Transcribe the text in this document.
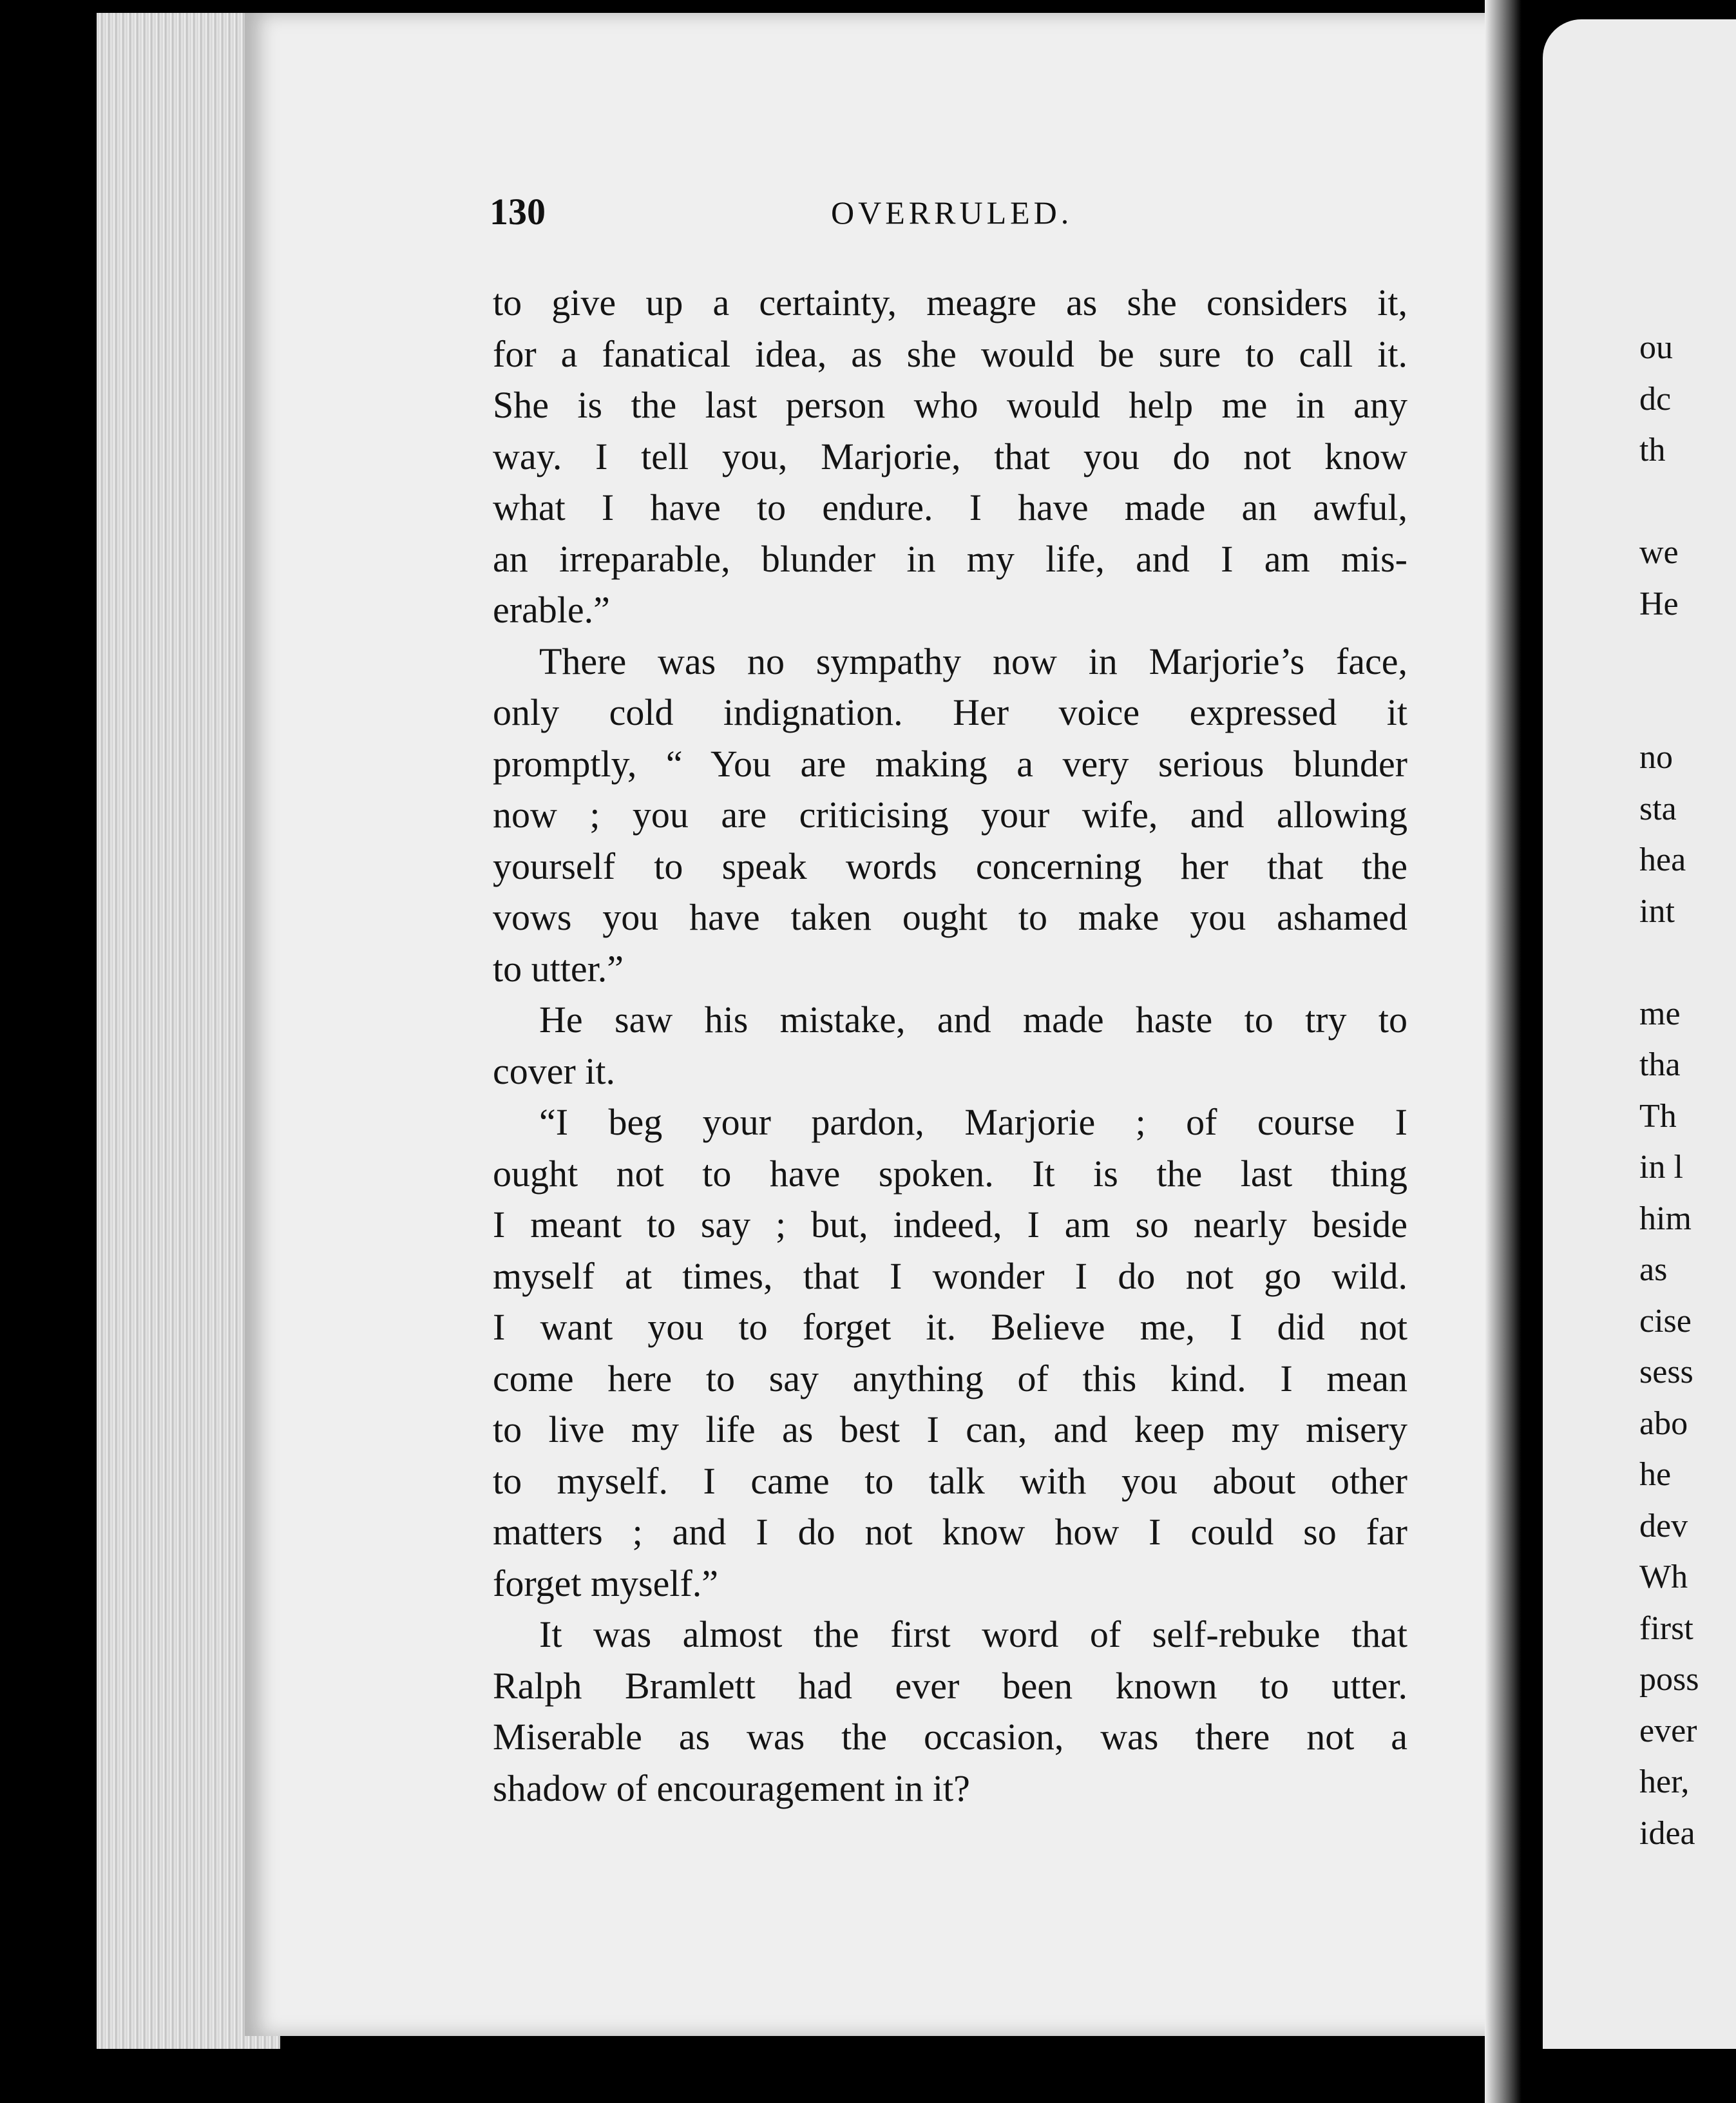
130	OVERRULED.
to give up a certainty, meagre as she considers it,
for a fanatical idea, as she would be sure to call it.
She is the last person who would help me in any
way. I tell you, Marjorie, that you do not know
what I have to endure. I have made an awful,
an irreparable, blunder in my life, and I am mis-
erable.”
There was no sympathy now in Marjorie’s face,
only cold indignation. Her voice expressed it
promptly, “ You are making a very serious blunder
now ; you are criticising your wife, and allowing
yourself to speak words concerning her that the
vows you have taken ought to make you ashamed
to utter.”
He saw his mistake, and made haste to try to
cover it.
“I beg your pardon, Marjorie ; of course I
ought not to have spoken. It is the last thing
I meant to say ; but, indeed, I am so nearly beside
myself at times, that I wonder I do not go wild.
I want you to forget it. Believe me, I did not
come here to say anything of this kind. I mean
to live my life as best I can, and keep my misery
to myself. I came to talk with you about other
matters ; and I do not know how I could so far
forget myself.”
It was almost the first word of self-rebuke that
Ralph Bramlett had ever been known to utter.
Miserable as was the occasion, was there not a
shadow of encouragement in it?
ou
dc
th
we
He
no
sta
hea
int
me
tha
Th
in l
him
as
cise
sess
abo
he
dev
Wh
first
poss
ever
her,
idea
